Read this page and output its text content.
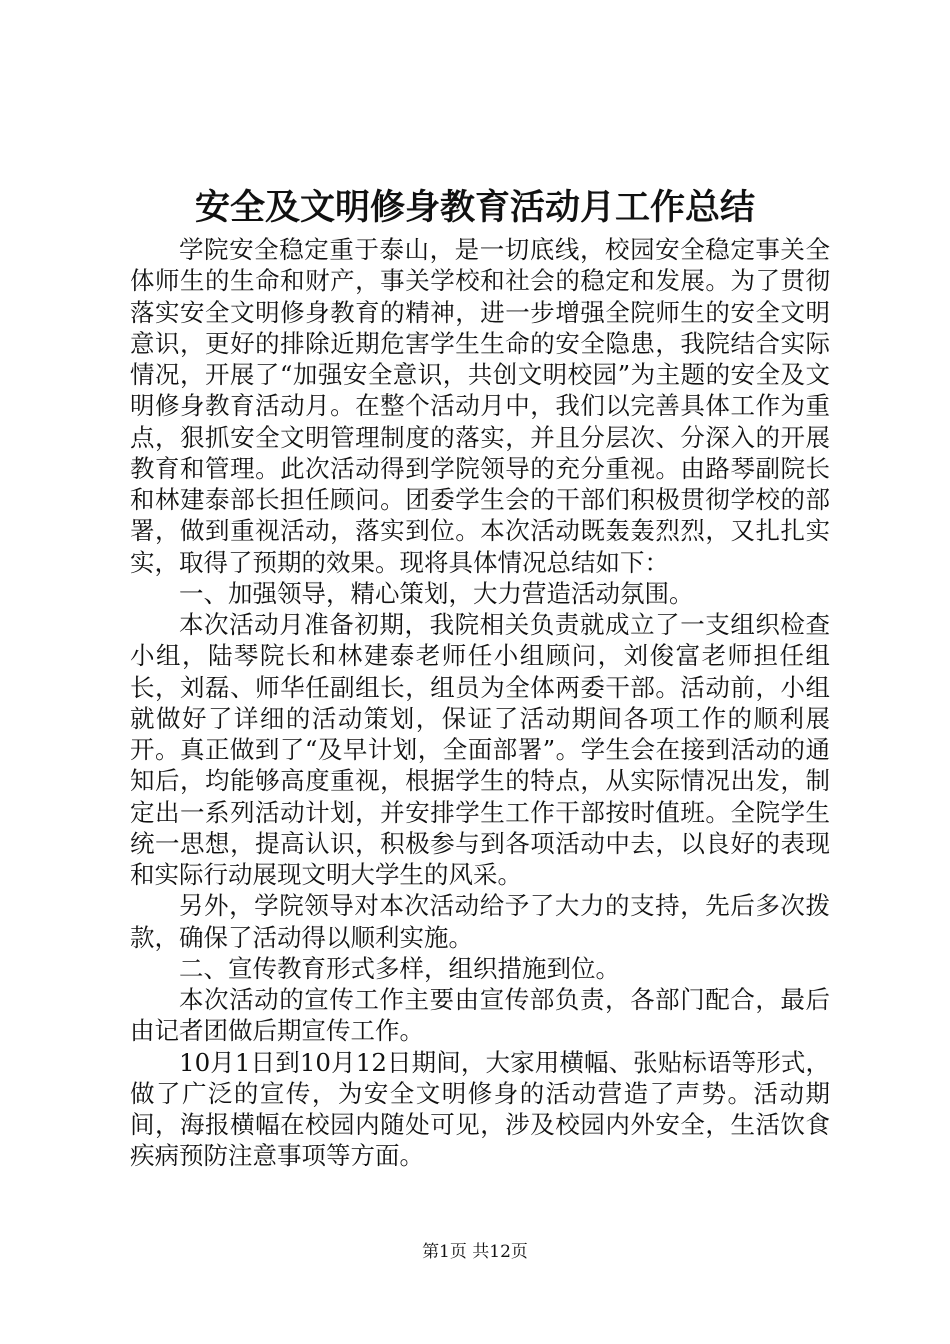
安全及文明修身教育活动月工作总结

学院安全稳定重于泰山，是一切底线，校园安全稳定事关全体师生的生命和财产，事关学校和社会的稳定和发展。为了贯彻落实安全文明修身教育的精神，进一步增强全院师生的安全文明意识，更好的排除近期危害学生生命的安全隐患，我院结合实际情况，开展了“加强安全意识，共创文明校园”为主题的安全及文明修身教育活动月。在整个活动月中，我们以完善具体工作为重点，狠抓安全文明管理制度的落实，并且分层次、分深入的开展教育和管理。此次活动得到学院领导的充分重视。由路琴副院长和林建泰部长担任顾问。团委学生会的干部们积极贯彻学校的部署，做到重视活动，落实到位。本次活动既轰轰烈烈，又扎扎实实，取得了预期的效果。现将具体情况总结如下：

一、加强领导，精心策划，大力营造活动氛围。

本次活动月准备初期，我院相关负责就成立了一支组织检查小组，陆琴院长和林建泰老师任小组顾问，刘俊富老师担任组长，刘磊、师华任副组长，组员为全体两委干部。活动前，小组就做好了详细的活动策划，保证了活动期间各项工作的顺利展开。真正做到了“及早计划，全面部署”。学生会在接到活动的通知后，均能够高度重视，根据学生的特点，从实际情况出发，制定出一系列活动计划，并安排学生工作干部按时值班。全院学生统一思想，提高认识，积极参与到各项活动中去，以良好的表现和实际行动展现文明大学生的风采。

另外，学院领导对本次活动给予了大力的支持，先后多次拨款，确保了活动得以顺利实施。

二、宣传教育形式多样，组织措施到位。

本次活动的宣传工作主要由宣传部负责，各部门配合，最后由记者团做后期宣传工作。

10月1日到10月12日期间，大家用横幅、张贴标语等形式，做了广泛的宣传，为安全文明修身的活动营造了声势。活动期间，海报横幅在校园内随处可见，涉及校园内外安全，生活饮食疾病预防注意事项等方面。

第1页 共12页
